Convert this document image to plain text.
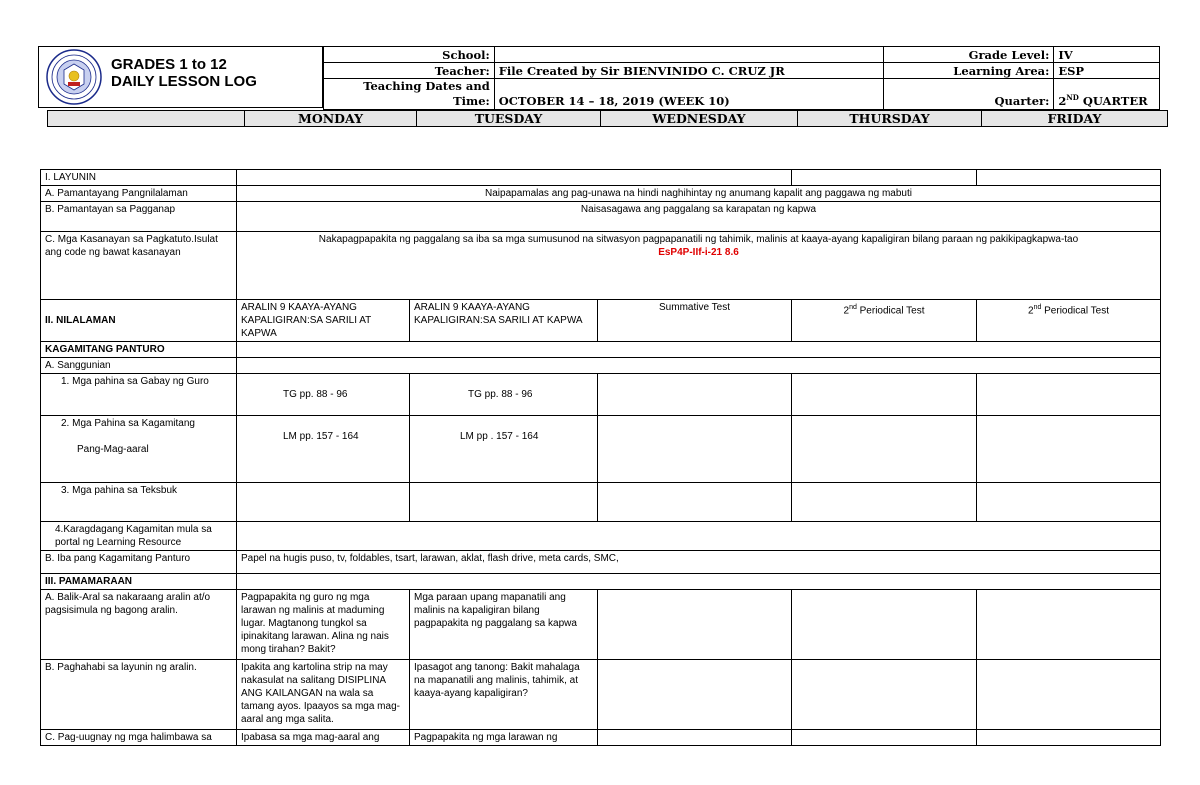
GRADES 1 to 12
DAILY LESSON LOG
School:		Grade Level:	IV
Teacher:	File Created by Sir BIENVINIDO C. CRUZ JR	Learning Area:	ESP
Teaching Dates and
Time:	OCTOBER 14 – 18, 2019 (WEEK 10)	Quarter:	2ND QUARTER
	MONDAY	TUESDAY	WEDNESDAY	THURSDAY	FRIDAY
I. LAYUNIN					
A. Pamantayang Pangnilalaman	Naipapamalas ang pag-unawa na hindi naghihintay ng anumang kapalit ang paggawa ng mabuti				
B. Pamantayan sa Pagganap	Naisasagawa ang paggalang sa karapatan ng kapwa				
C. Mga Kasanayan sa Pagkatuto.Isulat ang code ng bawat kasanayan	Nakapagpapakita ng paggalang sa iba sa mga sumusunod na sitwasyon pagpapanatili ng tahimik, malinis at kaaya-ayang kapaligiran bilang paraan ng pakikipagkapwa-tao
EsP4P-IIf-i-21 8.6				

II. NILALAMAN	ARALIN 9 KAAYA-AYANG KAPALIGIRAN:SA SARILI AT KAPWA	ARALIN 9 KAAYA-AYANG KAPALIGIRAN:SA SARILI AT KAPWA	Summative Test	2nd Periodical Test	2nd Periodical Test
KAGAMITANG PANTURO					
A. Sanggunian					
1. Mga pahina sa Gabay ng Guro	TG pp. 88 - 96	TG pp. 88 - 96			

2. Mga Pahina sa Kagamitang
Pang-Mag-aaral	LM pp. 157 - 164	LM pp . 157 - 164			
3. Mga pahina sa Teksbuk					
4.Karagdagang Kagamitan mula sa portal ng Learning Resource					
B. Iba pang Kagamitang Panturo	Papel na hugis puso, tv, foldables, tsart, larawan, aklat, flash drive, meta cards, SMC,				
III. PAMAMARAAN					
A. Balik-Aral sa nakaraang aralin at/o pagsisimula ng bagong aralin.	Pagpapakita ng guro ng mga larawan ng malinis at maduming lugar. Magtanong tungkol sa ipinakitang larawan. Alina ng nais mong tirahan? Bakit?	Mga paraan upang mapanatili ang malinis na kapaligiran bilang pagpapakita ng paggalang sa kapwa			
B. Paghahabi sa layunin ng aralin.	Ipakita ang kartolina strip na may nakasulat na salitang DISIPLINA ANG KAILANGAN na wala sa tamang ayos. Ipaayos sa mga mag-aaral ang mga salita.	Ipasagot ang tanong: Bakit mahalaga na mapanatili ang malinis, tahimik, at kaaya-ayang kapaligiran?			
C. Pag-uugnay ng mga halimbawa sa	Ipabasa sa mga mag-aaral ang	Pagpapakita ng mga larawan ng			
